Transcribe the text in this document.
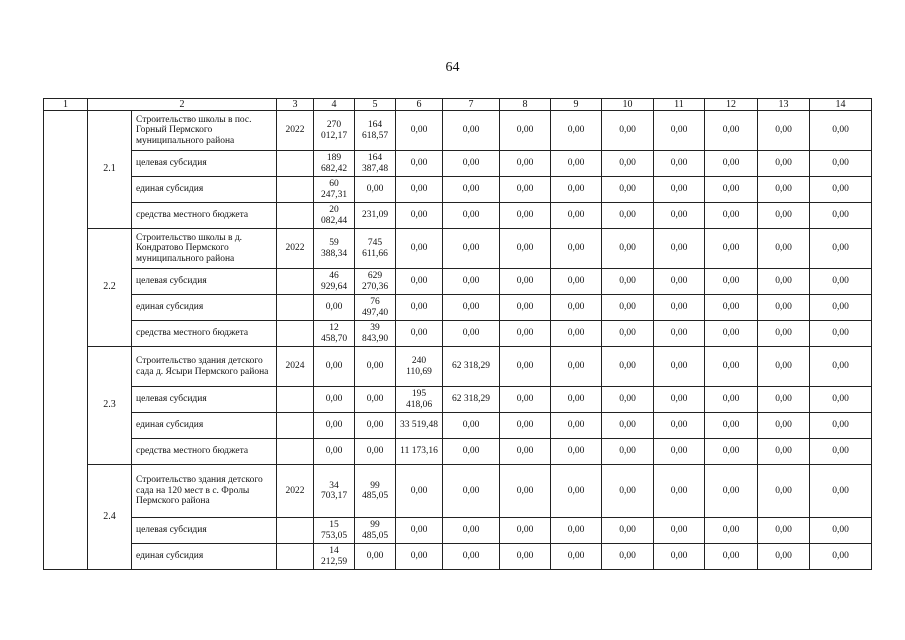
64
1	2		3	4	5	6	7	8	9	10	11	12	13	14
	2.1	Строительство школы в пос. Горный Пермского муниципального района	2022	270 012,17	164 618,57	0,00	0,00	0,00	0,00	0,00	0,00	0,00	0,00	0,00
		целевая субсидия		189 682,42	164 387,48	0,00	0,00	0,00	0,00	0,00	0,00	0,00	0,00	0,00
		единая субсидия		60 247,31	0,00	0,00	0,00	0,00	0,00	0,00	0,00	0,00	0,00	0,00
		средства местного бюджета		20 082,44	231,09	0,00	0,00	0,00	0,00	0,00	0,00	0,00	0,00	0,00
	2.2	Строительство школы в д. Кондратово Пермского муниципального района	2022	59 388,34	745 611,66	0,00	0,00	0,00	0,00	0,00	0,00	0,00	0,00	0,00
		целевая субсидия		46 929,64	629 270,36	0,00	0,00	0,00	0,00	0,00	0,00	0,00	0,00	0,00
		единая субсидия		0,00	76 497,40	0,00	0,00	0,00	0,00	0,00	0,00	0,00	0,00	0,00
		средства местного бюджета		12 458,70	39 843,90	0,00	0,00	0,00	0,00	0,00	0,00	0,00	0,00	0,00
	2.3	Строительство здания детского сада д. Ясыри Пермского района	2024	0,00	0,00	240 110,69	62 318,29	0,00	0,00	0,00	0,00	0,00	0,00	0,00
		целевая субсидия		0,00	0,00	195 418,06	62 318,29	0,00	0,00	0,00	0,00	0,00	0,00	0,00
		единая субсидия		0,00	0,00	33 519,48	0,00	0,00	0,00	0,00	0,00	0,00	0,00	0,00
		средства местного бюджета		0,00	0,00	11 173,16	0,00	0,00	0,00	0,00	0,00	0,00	0,00	0,00
	2.4	Строительство здания детского сада на 120 мест в с. Фролы Пермского района	2022	34 703,17	99 485,05	0,00	0,00	0,00	0,00	0,00	0,00	0,00	0,00	0,00
		целевая субсидия		15 753,05	99 485,05	0,00	0,00	0,00	0,00	0,00	0,00	0,00	0,00	0,00
		единая субсидия		14 212,59	0,00	0,00	0,00	0,00	0,00	0,00	0,00	0,00	0,00	0,00
